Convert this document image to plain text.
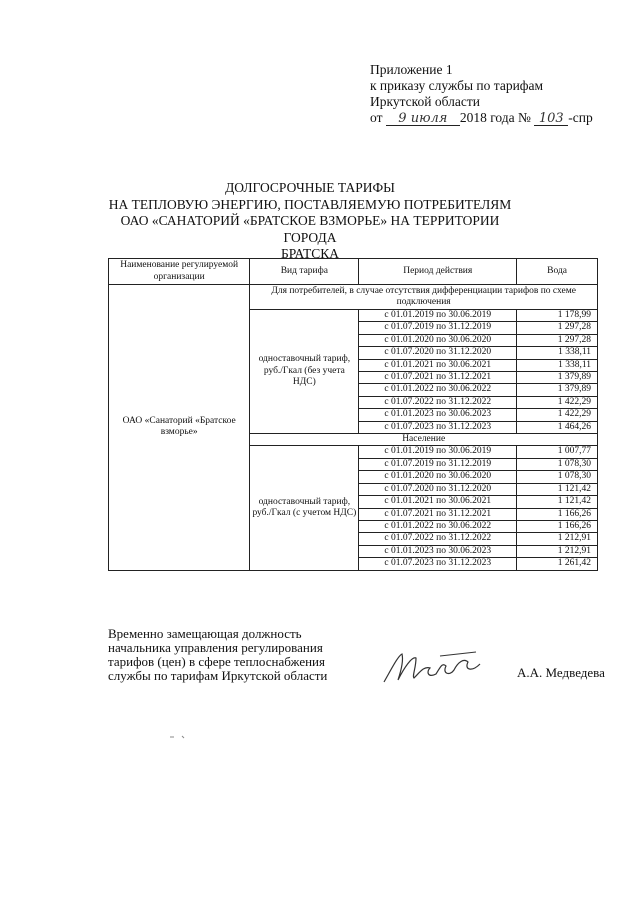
Приложение 1
к приказу службы по тарифам
Иркутской области
от 9 июля 2018 года № 103 -спр
ДОЛГОСРОЧНЫЕ ТАРИФЫ
НА ТЕПЛОВУЮ ЭНЕРГИЮ, ПОСТАВЛЯЕМУЮ ПОТРЕБИТЕЛЯМ
ОАО «САНАТОРИЙ «БРАТСКОЕ ВЗМОРЬЕ» НА ТЕРРИТОРИИ ГОРОДА
БРАТСКА
Наименование регулируемой организации	Вид тарифа	Период действия	Вода
ОАО «Санаторий «Братское взморье»	Для потребителей, в случае отсутствия дифференциации тарифов по схеме подключения		
	одноставочный тариф, руб./Гкал (без учета НДС)	с 01.01.2019 по 30.06.2019	1 178,99
		с 01.07.2019 по 31.12.2019	1 297,28
		с 01.01.2020 по 30.06.2020	1 297,28
		с 01.07.2020 по 31.12.2020	1 338,11
		с 01.01.2021 по 30.06.2021	1 338,11
		с 01.07.2021 по 31.12.2021	1 379,89
		с 01.01.2022 по 30.06.2022	1 379,89
		с 01.07.2022 по 31.12.2022	1 422,29
		с 01.01.2023 по 30.06.2023	1 422,29
		с 01.07.2023 по 31.12.2023	1 464,26
	Население		
	одноставочный тариф, руб./Гкал (с учетом НДС)	с 01.01.2019 по 30.06.2019	1 007,77
		с 01.07.2019 по 31.12.2019	1 078,30
		с 01.01.2020 по 30.06.2020	1 078,30
		с 01.07.2020 по 31.12.2020	1 121,42
		с 01.01.2021 по 30.06.2021	1 121,42
		с 01.07.2021 по 31.12.2021	1 166,26
		с 01.01.2022 по 30.06.2022	1 166,26
		с 01.07.2022 по 31.12.2022	1 212,91
		с 01.01.2023 по 30.06.2023	1 212,91
		с 01.07.2023 по 31.12.2023	1 261,42
Временно замещающая должность
начальника управления регулирования
тарифов (цен) в сфере теплоснабжения
службы по тарифам Иркутской области	А.А. Медведева
